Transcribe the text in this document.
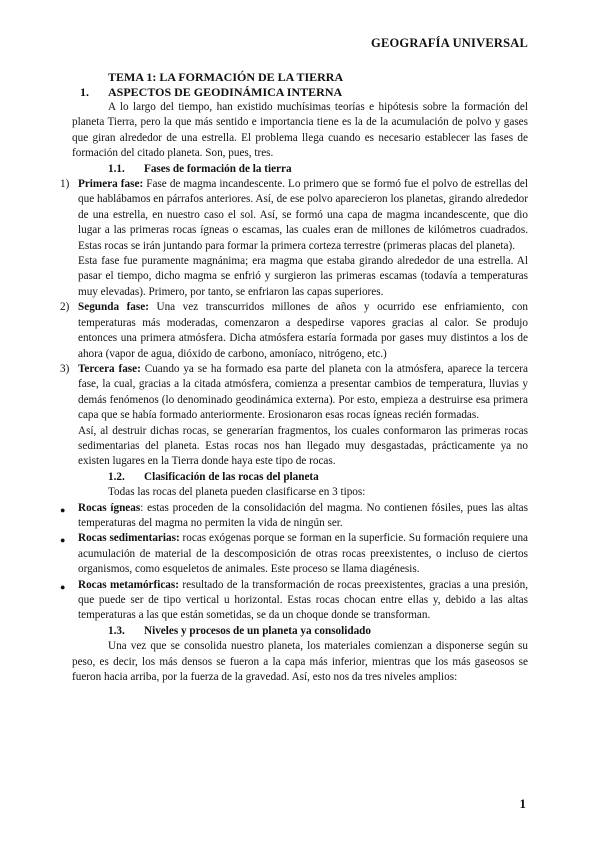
GEOGRAFÍA UNIVERSAL
TEMA 1: LA FORMACIÓN DE LA TIERRA
1.	ASPECTOS DE GEODINÁMICA INTERNA

A lo largo del tiempo, han existido muchísimas teorías e hipótesis sobre la formación del planeta Tierra, pero la que más sentido e importancia tiene es la de la acumulación de polvo y gases que giran alrededor de una estrella. El problema llega cuando es necesario establecer las fases de formación del citado planeta. Son, pues, tres.

1.1.	Fases de formación de la tierra
1) Primera fase: Fase de magma incandescente. Lo primero que se formó fue el polvo de estrellas del que hablábamos en párrafos anteriores. Así, de ese polvo aparecieron los planetas, girando alrededor de una estrella, en nuestro caso el sol. Así, se formó una capa de magma incandescente, que dio lugar a las primeras rocas ígneas o escamas, las cuales eran de millones de kilómetros cuadrados. Estas rocas se irán juntando para formar la primera corteza terrestre (primeras placas del planeta).

Esta fase fue puramente magnánima; era magma que estaba girando alrededor de una estrella. Al pasar el tiempo, dicho magma se enfrió y surgieron las primeras escamas (todavía a temperaturas muy elevadas). Primero, por tanto, se enfriaron las capas superiores.

2) Segunda fase: Una vez transcurridos millones de años y ocurrido ese enfriamiento, con temperaturas más moderadas, comenzaron a despedirse vapores gracias al calor. Se produjo entonces una primera atmósfera. Dicha atmósfera estaría formada por gases muy distintos a los de ahora (vapor de agua, dióxido de carbono, amoníaco, nitrógeno, etc.)
3) Tercera fase: Cuando ya se ha formado esa parte del planeta con la atmósfera, aparece la tercera fase, la cual, gracias a la citada atmósfera, comienza a presentar cambios de temperatura, lluvias y demás fenómenos (lo denominado geodinámica externa). Por esto, empieza a destruirse esa primera capa que se había formado anteriormente. Erosionaron esas rocas ígneas recién formadas.

Así, al destruir dichas rocas, se generarían fragmentos, los cuales conformaron las primeras rocas sedimentarias del planeta. Estas rocas nos han llegado muy desgastadas, prácticamente ya no existen lugares en la Tierra donde haya este tipo de rocas.

1.2.	Clasificación de las rocas del planeta

Todas las rocas del planeta pueden clasificarse en 3 tipos:

●	Rocas ígneas: estas proceden de la consolidación del magma. No contienen fósiles, pues las altas temperaturas del magma no permiten la vida de ningún ser.
●	Rocas sedimentarias: rocas exógenas porque se forman en la superficie. Su formación requiere una acumulación de material de la descomposición de otras rocas preexistentes, o incluso de ciertos organismos, como esqueletos de animales. Este proceso se llama diagénesis.
●	Rocas metamórficas: resultado de la transformación de rocas preexistentes, gracias a una presión, que puede ser de tipo vertical u horizontal. Estas rocas chocan entre ellas y, debido a las altas temperaturas a las que están sometidas, se da un choque donde se transforman.
1.3.	Niveles y procesos de un planeta ya consolidado

Una vez que se consolida nuestro planeta, los materiales comienzan a disponerse según su peso, es decir, los más densos se fueron a la capa más inferior, mientras que los más gaseosos se fueron hacia arriba, por la fuerza de la gravedad. Así, esto nos da tres niveles amplios:

1
